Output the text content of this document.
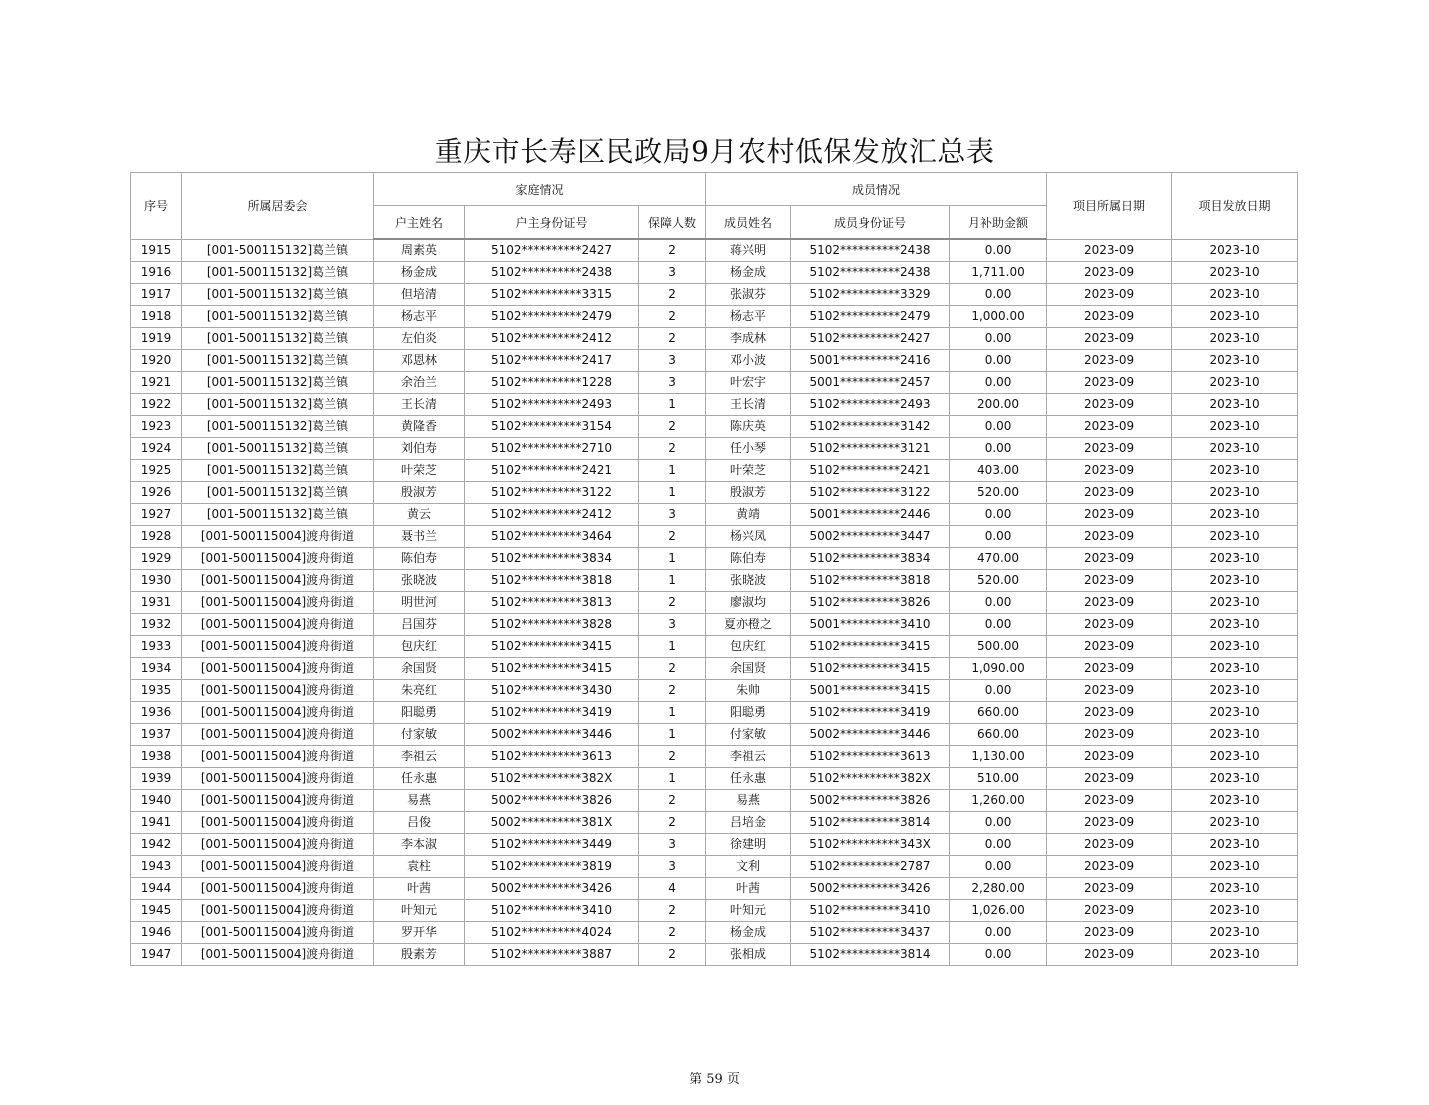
重庆市长寿区民政局9月农村低保发放汇总表
序号	所属居委会	家庭情况			成员情况			项目所属日期	项目发放日期
		户主姓名	户主身份证号	保障人数	成员姓名	成员身份证号	月补助金额		
1915	[001-500115132]葛兰镇	周素英	5102**********2427	2	蒋兴明	5102**********2438	0.00	2023-09	2023-10
1916	[001-500115132]葛兰镇	杨金成	5102**********2438	3	杨金成	5102**********2438	1,711.00	2023-09	2023-10
1917	[001-500115132]葛兰镇	但培清	5102**********3315	2	张淑芬	5102**********3329	0.00	2023-09	2023-10
1918	[001-500115132]葛兰镇	杨志平	5102**********2479	2	杨志平	5102**********2479	1,000.00	2023-09	2023-10
1919	[001-500115132]葛兰镇	左伯炎	5102**********2412	2	李成林	5102**********2427	0.00	2023-09	2023-10
1920	[001-500115132]葛兰镇	邓恩林	5102**********2417	3	邓小波	5001**********2416	0.00	2023-09	2023-10
1921	[001-500115132]葛兰镇	余治兰	5102**********1228	3	叶宏宇	5001**********2457	0.00	2023-09	2023-10
1922	[001-500115132]葛兰镇	王长清	5102**********2493	1	王长清	5102**********2493	200.00	2023-09	2023-10
1923	[001-500115132]葛兰镇	黄隆香	5102**********3154	2	陈庆英	5102**********3142	0.00	2023-09	2023-10
1924	[001-500115132]葛兰镇	刘伯寿	5102**********2710	2	任小琴	5102**********3121	0.00	2023-09	2023-10
1925	[001-500115132]葛兰镇	叶荣芝	5102**********2421	1	叶荣芝	5102**********2421	403.00	2023-09	2023-10
1926	[001-500115132]葛兰镇	殷淑芳	5102**********3122	1	殷淑芳	5102**********3122	520.00	2023-09	2023-10
1927	[001-500115132]葛兰镇	黄云	5102**********2412	3	黄靖	5001**********2446	0.00	2023-09	2023-10
1928	[001-500115004]渡舟街道	聂书兰	5102**********3464	2	杨兴凤	5002**********3447	0.00	2023-09	2023-10
1929	[001-500115004]渡舟街道	陈伯寿	5102**********3834	1	陈伯寿	5102**********3834	470.00	2023-09	2023-10
1930	[001-500115004]渡舟街道	张晓波	5102**********3818	1	张晓波	5102**********3818	520.00	2023-09	2023-10
1931	[001-500115004]渡舟街道	明世河	5102**********3813	2	廖淑均	5102**********3826	0.00	2023-09	2023-10
1932	[001-500115004]渡舟街道	吕国芬	5102**********3828	3	夏亦橙之	5001**********3410	0.00	2023-09	2023-10
1933	[001-500115004]渡舟街道	包庆红	5102**********3415	1	包庆红	5102**********3415	500.00	2023-09	2023-10
1934	[001-500115004]渡舟街道	余国贤	5102**********3415	2	余国贤	5102**********3415	1,090.00	2023-09	2023-10
1935	[001-500115004]渡舟街道	朱亮红	5102**********3430	2	朱帅	5001**********3415	0.00	2023-09	2023-10
1936	[001-500115004]渡舟街道	阳聪勇	5102**********3419	1	阳聪勇	5102**********3419	660.00	2023-09	2023-10
1937	[001-500115004]渡舟街道	付家敏	5002**********3446	1	付家敏	5002**********3446	660.00	2023-09	2023-10
1938	[001-500115004]渡舟街道	李祖云	5102**********3613	2	李祖云	5102**********3613	1,130.00	2023-09	2023-10
1939	[001-500115004]渡舟街道	任永惠	5102**********382X	1	任永惠	5102**********382X	510.00	2023-09	2023-10
1940	[001-500115004]渡舟街道	易燕	5002**********3826	2	易燕	5002**********3826	1,260.00	2023-09	2023-10
1941	[001-500115004]渡舟街道	吕俊	5002**********381X	2	吕培金	5102**********3814	0.00	2023-09	2023-10
1942	[001-500115004]渡舟街道	李本淑	5102**********3449	3	徐建明	5102**********343X	0.00	2023-09	2023-10
1943	[001-500115004]渡舟街道	袁柱	5102**********3819	3	文利	5102**********2787	0.00	2023-09	2023-10
1944	[001-500115004]渡舟街道	叶茜	5002**********3426	4	叶茜	5002**********3426	2,280.00	2023-09	2023-10
1945	[001-500115004]渡舟街道	叶知元	5102**********3410	2	叶知元	5102**********3410	1,026.00	2023-09	2023-10
1946	[001-500115004]渡舟街道	罗开华	5102**********4024	2	杨金成	5102**********3437	0.00	2023-09	2023-10
1947	[001-500115004]渡舟街道	殷素芳	5102**********3887	2	张相成	5102**********3814	0.00	2023-09	2023-10
第 59 页
